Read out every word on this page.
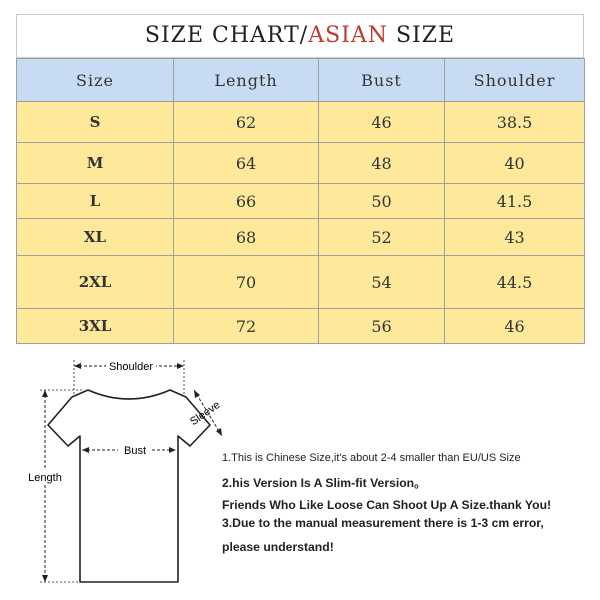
SIZE CHART/ASIAN SIZE
Size	Length	Bust	Shoulder
S	62	46	38.5
M	64	48	40
L	66	50	41.5
XL	68	52	43
2XL	70	54	44.5
3XL	72	56	46
Shoulder
Sleeve
Bust
Length
1.This is Chinese Size,it's about 2-4 smaller than EU/US Size
2.his Version Is A Slim-fit Version。
Friends Who Like Loose Can Shoot Up A Size.thank You!
3.Due to the manual measurement there is 1-3 cm error,
please understand!
